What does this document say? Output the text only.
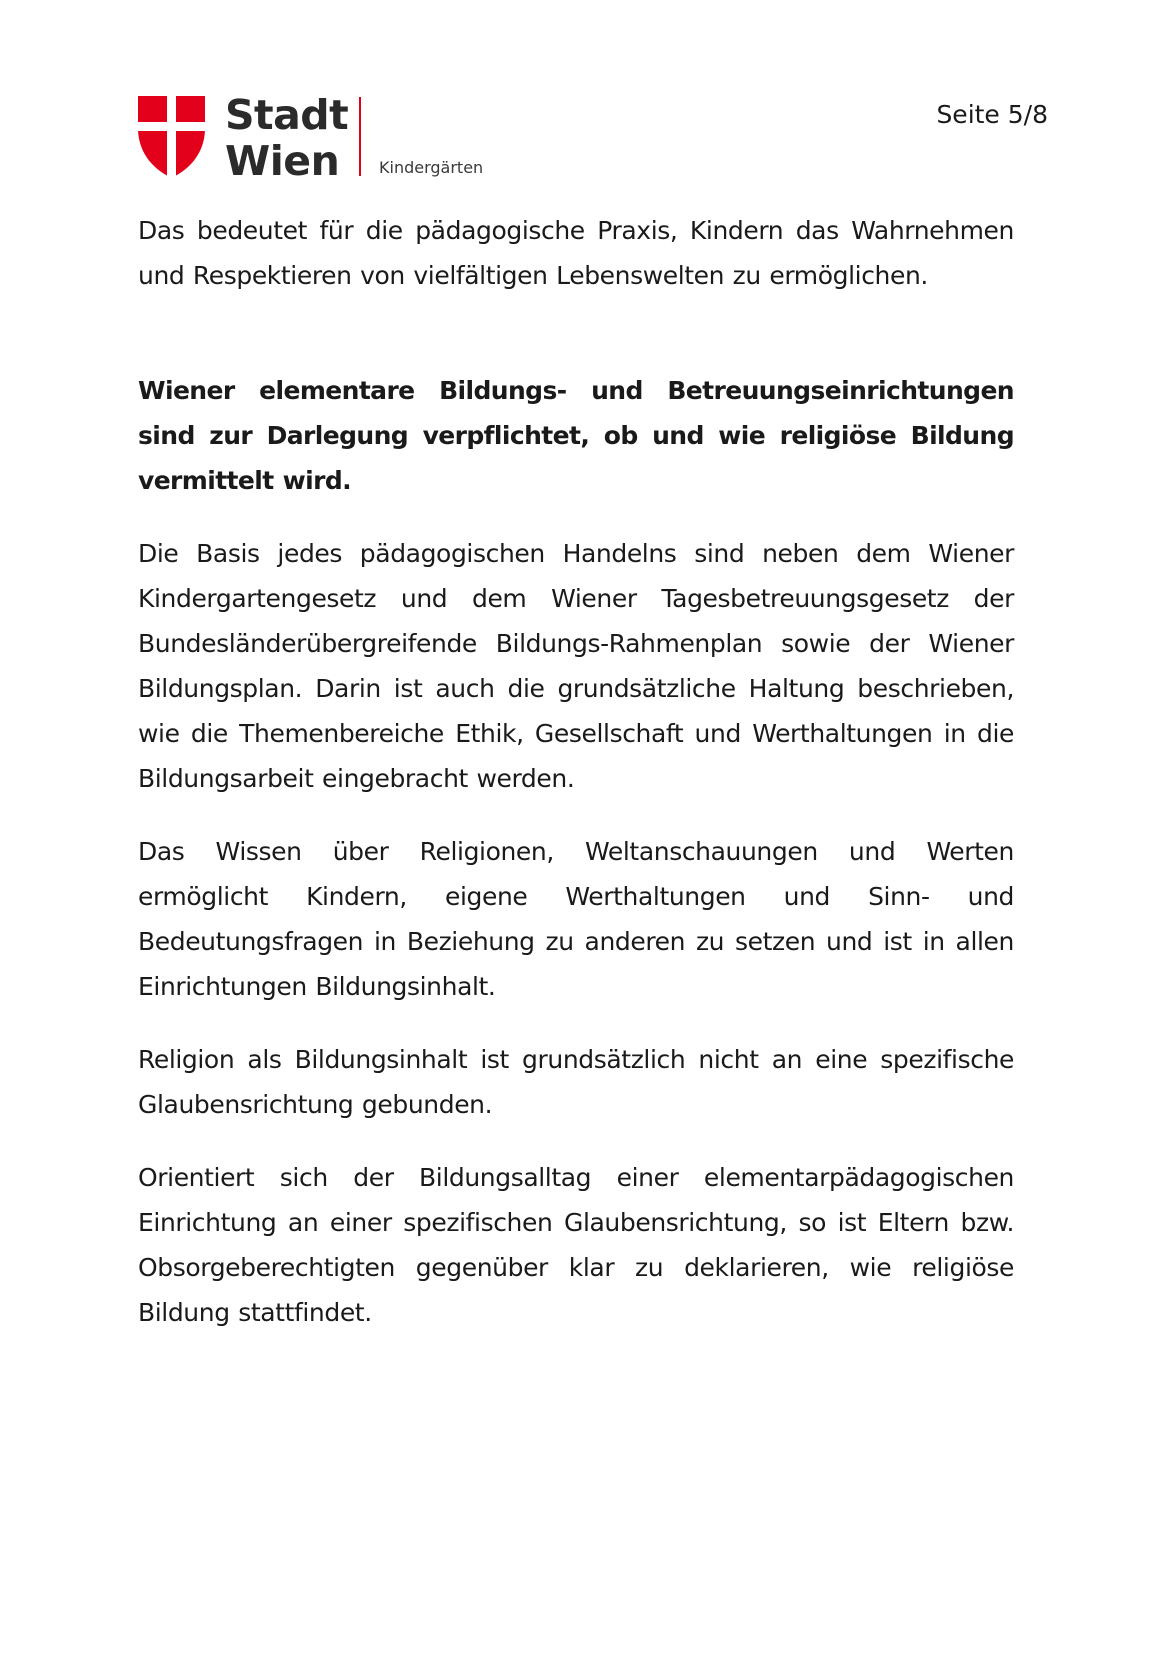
Stadt
Wien	Kindergärten
Seite 5/8

Das bedeutet für die pädagogische Praxis, Kindern das Wahrnehmen und Respektieren von vielfältigen Lebenswelten zu ermöglichen.

Wiener elementare Bildungs- und Betreuungseinrichtungen sind zur Darlegung verpflichtet, ob und wie religiöse Bildung vermittelt wird.

Die Basis jedes pädagogischen Handelns sind neben dem Wiener Kindergartengesetz und dem Wiener Tagesbetreuungsgesetz der Bundesländerübergreifende Bildungs-Rahmenplan sowie der Wiener Bildungsplan. Darin ist auch die grundsätzliche Haltung beschrieben, wie die Themenbereiche Ethik, Gesellschaft und Werthaltungen in die Bildungsarbeit eingebracht werden.

Das Wissen über Religionen, Weltanschauungen und Werten ermöglicht Kindern, eigene Werthaltungen und Sinn- und Bedeutungsfragen in Beziehung zu anderen zu setzen und ist in allen Einrichtungen Bildungsinhalt.

Religion als Bildungsinhalt ist grundsätzlich nicht an eine spezifische Glaubensrichtung gebunden.

Orientiert sich der Bildungsalltag einer elementarpädagogischen Einrichtung an einer spezifischen Glaubensrichtung, so ist Eltern bzw. Obsorgeberechtigten gegenüber klar zu deklarieren, wie religiöse Bildung stattfindet.
